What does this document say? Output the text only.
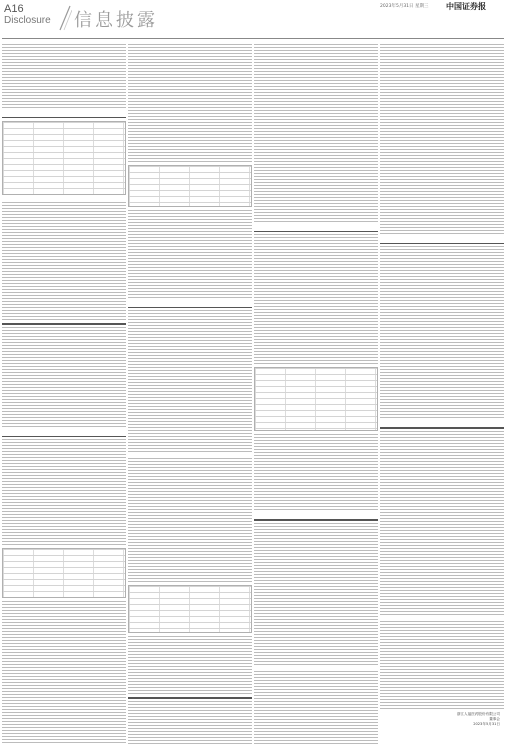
A16
Disclosure 信息披露
2023年5月31日 星期三 中国证券报
浙江人福医药股份有限公司
董事会
2023年5月31日
